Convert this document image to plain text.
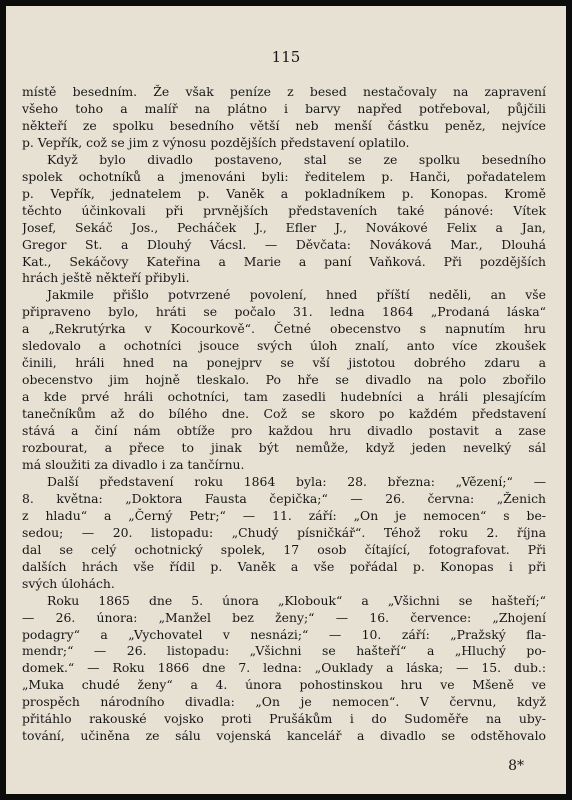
115
místě besedním. Že však peníze z besed nestačovaly na zapravení
všeho toho a malíř na plátno i barvy napřed potřeboval, půjčili
někteří ze spolku besedního větší neb menší částku peněz, nejvíce
p. Vepřík, což se jim z výnosu pozdějších představení oplatilo.
Když bylo divadlo postaveno, stal se ze spolku besedního
spolek ochotníků a jmenováni byli: ředitelem p. Hanči, pořadatelem
p. Vepřík, jednatelem p. Vaněk a pokladníkem p. Konopas. Kromě
těchto účinkovali při prvnějších představeních také pánové: Vítek
Josef, Sekáč Jos., Pecháček J., Efler J., Novákové Felix a Jan,
Gregor St. a Dlouhý Vácsl. — Děvčata: Nováková Mar., Dlouhá
Kat., Sekáčovy Kateřina a Marie a paní Vaňková. Při pozdějších
hrách ještě někteří přibyli.
Jakmile přišlo potvrzené povolení, hned příští neděli, an vše
připraveno bylo, hráti se počalo 31. ledna 1864 „Prodaná láska“
a „Rekrutýrka v Kocourkově“. Četné obecenstvo s napnutím hru
sledovalo a ochotníci jsouce svých úloh znalí, anto více zkoušek
činili, hráli hned na ponejprv se vší jistotou dobrého zdaru a
obecenstvo jim hojně tleskalo. Po hře se divadlo na polo zbořilo
a kde prvé hráli ochotníci, tam zasedli hudebníci a hráli plesajícím
tanečníkům až do bílého dne. Což se skoro po každém představení
stává a činí nám obtíže pro každou hru divadlo postavit a zase
rozbourat, a přece to jinak být nemůže, když jeden nevelký sál
má sloužiti za divadlo i za tančírnu.
Další představení roku 1864 byla: 28. března: „Vězení;“ —
8. května: „Doktora Fausta čepička;“ — 26. června: „Ženich
z hladu“ a „Černý Petr;“ — 11. září: „On je nemocen“ s be-
sedou; — 20. listopadu: „Chudý písničkář“. Téhož roku 2. října
dal se celý ochotnický spolek, 17 osob čítající, fotografovat. Při
dalších hrách vše řídil p. Vaněk a vše pořádal p. Konopas i při
svých úlohách.
Roku 1865 dne 5. února „Klobouk“ a „Všichni se hašteří;“
— 26. února: „Manžel bez ženy;“ — 16. července: „Zhojení
podagry“ a „Vychovatel v nesnázi;“ — 10. září: „Pražský fla-
mendr;“ — 26. listopadu: „Všichni se hašteří“ a „Hluchý po-
domek.“ — Roku 1866 dne 7. ledna: „Ouklady a láska; — 15. dub.:
„Muka chudé ženy“ a 4. února pohostinskou hru ve Mšeně ve
prospěch národního divadla: „On je nemocen“. V červnu, když
přitáhlo rakouské vojsko proti Prušákům i do Sudoměře na uby-
tování, učiněna ze sálu vojenská kancelář a divadlo se odstěhovalo
8*
